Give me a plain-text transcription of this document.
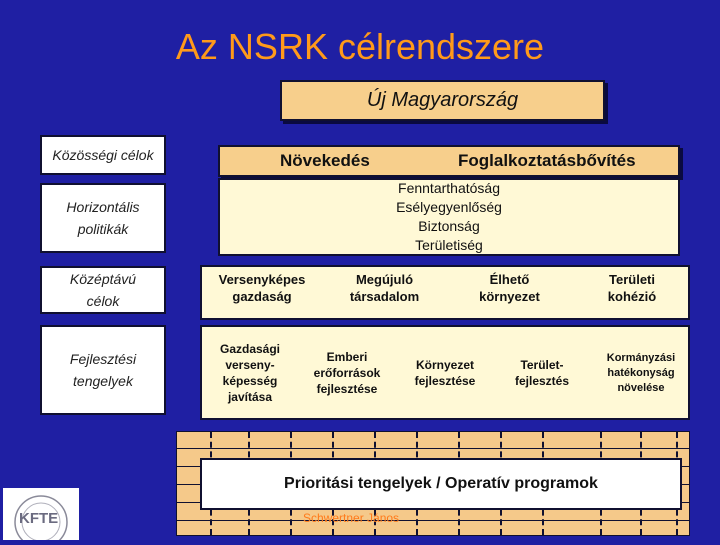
Az NSRK célrendszere
Új Magyarország
Közösségi célok
Horizontális politikák
Középtávú célok
Fejlesztési tengelyek
Növekedés	Foglalkoztatásbővítés
Fenntarthatóság
Esélyegyenlőség
Biztonság
Területiség
Versenyképes
gazdaság
Megújuló
társadalom
Élhető
környezet
Területi
kohézió
Gazdasági
verseny-
képesség
javítása
Emberi
erőforrások
fejlesztése
Környezet
fejlesztése
Terület-
fejlesztés
Kormányzási
hatékonyság
növelése
Prioritási tengelyek / Operatív programok
Schwertner János
KFTE
